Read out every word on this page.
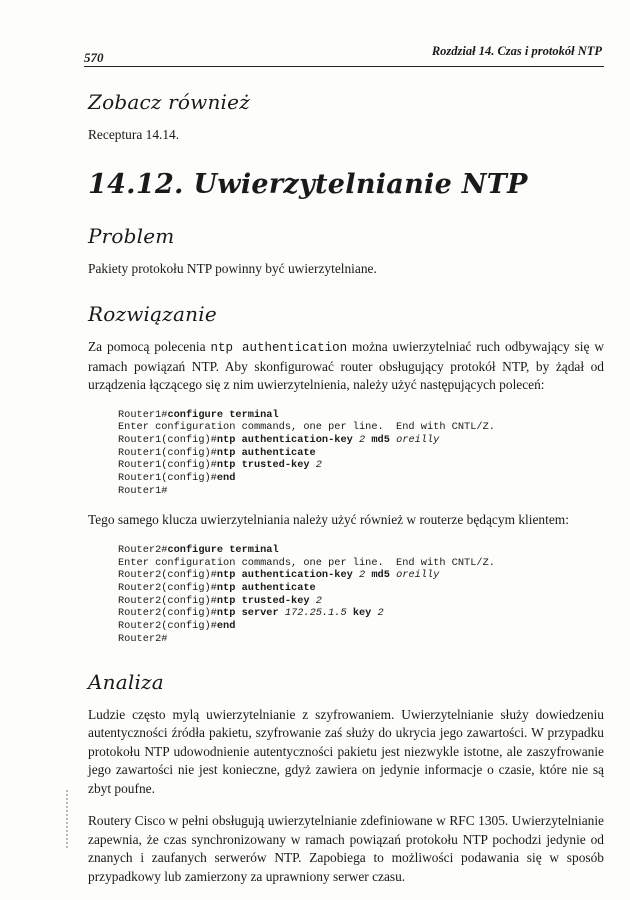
570	Rozdział 14. Czas i protokół NTP
Zobacz również

Receptura 14.14.

14.12. Uwierzytelnianie NTP
Problem

Pakiety protokołu NTP powinny być uwierzytelniane.

Rozwiązanie

Za pomocą polecenia ntp authentication można uwierzytelniać ruch odbywający się w ramach powiązań NTP. Aby skonfigurować router obsługujący protokół NTP, by żądał od urządzenia łączącego się z nim uwierzytelnienia, należy użyć następujących poleceń:

Router1#configure terminal
Enter configuration commands, one per line.  End with CNTL/Z.
Router1(config)#ntp authentication-key 2 md5 oreilly
Router1(config)#ntp authenticate
Router1(config)#ntp trusted-key 2
Router1(config)#end
Router1#

Tego samego klucza uwierzytelniania należy użyć również w routerze będącym klientem:

Router2#configure terminal
Enter configuration commands, one per line.  End with CNTL/Z.
Router2(config)#ntp authentication-key 2 md5 oreilly
Router2(config)#ntp authenticate
Router2(config)#ntp trusted-key 2
Router2(config)#ntp server 172.25.1.5 key 2
Router2(config)#end
Router2#
Analiza

Ludzie często mylą uwierzytelnianie z szyfrowaniem. Uwierzytelnianie służy dowiedzeniu autentyczności źródła pakietu, szyfrowanie zaś służy do ukrycia jego zawartości. W przypadku protokołu NTP udowodnienie autentyczności pakietu jest niezwykle istotne, ale zaszyfrowanie jego zawartości nie jest konieczne, gdyż zawiera on jedynie informacje o czasie, które nie są zbyt poufne.

Routery Cisco w pełni obsługują uwierzytelnianie zdefiniowane w RFC 1305. Uwierzytelnianie zapewnia, że czas synchronizowany w ramach powiązań protokołu NTP pochodzi jedynie od znanych i zaufanych serwerów NTP. Zapobiega to możliwości podawania się w sposób przypadkowy lub zamierzony za uprawniony serwer czasu.
